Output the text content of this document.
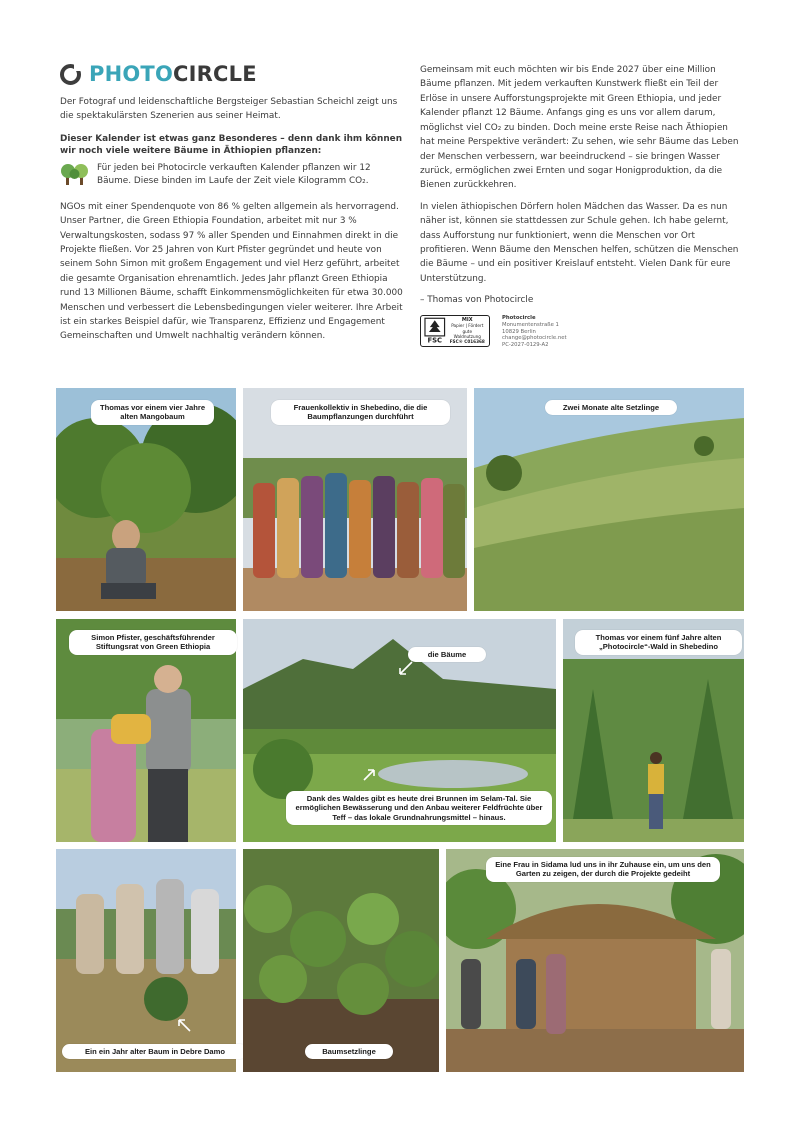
PHOTOCIRCLE

Der Fotograf und leidenschaftliche Bergsteiger Sebastian Scheichl zeigt uns die spektakulärsten Szenerien aus seiner Heimat.

Dieser Kalender ist etwas ganz Besonderes – denn dank ihm können wir noch viele weitere Bäume in Äthiopien pflanzen:

Für jeden bei Photocircle verkauften Kalender pflanzen wir 12 Bäume. Diese binden im Laufe der Zeit viele Kilogramm CO₂.

NGOs mit einer Spendenquote von 86 % gelten allgemein als hervorragend. Unser Partner, die Green Ethiopia Foundation, arbeitet mit nur 3 % Verwaltungskosten, sodass 97 % aller Spenden und Einnahmen direkt in die Projekte fließen. Vor 25 Jahren von Kurt Pfister gegründet und heute von seinem Sohn Simon mit großem Engagement und viel Herz geführt, arbeitet die gesamte Organisation ehrenamtlich. Jedes Jahr pflanzt Green Ethiopia rund 13 Millionen Bäume, schafft Einkommensmöglichkeiten für etwa 30.000 Menschen und verbessert die Lebensbedingungen vieler weiterer. Ihre Arbeit ist ein starkes Beispiel dafür, wie Transparenz, Effizienz und Engagement Gemeinschaften und Umwelt nachhaltig verändern können.

Gemeinsam mit euch möchten wir bis Ende 2027 über eine Million Bäume pflanzen. Mit jedem verkauften Kunstwerk fließt ein Teil der Erlöse in unsere Aufforstungsprojekte mit Green Ethiopia, und jeder Kalender pflanzt 12 Bäume. Anfangs ging es uns vor allem darum, möglichst viel CO₂ zu binden. Doch meine erste Reise nach Äthiopien hat meine Perspektive verändert: Zu sehen, wie sehr Bäume das Leben der Menschen verbessern, war beeindruckend – sie bringen Wasser zurück, ermöglichen zwei Ernten und sogar Honigproduktion, da die Bienen zurückkehren.

In vielen äthiopischen Dörfern holen Mädchen das Wasser. Da es nun näher ist, können sie stattdessen zur Schule gehen. Ich habe gelernt, dass Aufforstung nur funktioniert, wenn die Menschen vor Ort profitieren. Wenn Bäume den Menschen helfen, schützen die Menschen die Bäume – und ein positiver Kreislauf entsteht. Vielen Dank für eure Unterstützung.

– Thomas von Photocircle

FSC
MIX
Papier | Fördert
gute Waldnutzung
FSC® C016368
Photocircle
Monumentenstraße 1
10829 Berlin
change@photocircle.net
PC-2027-0129-A2
Thomas vor einem vier Jahre alten Mangobaum
Frauenkollektiv in Shebedino, die die Baumpflanzungen durchführt
Zwei Monate alte Setzlinge
Simon Pfister, geschäftsführender Stiftungsrat von Green Ethiopia
die Bäume
Dank des Waldes gibt es heute drei Brunnen im Selam-Tal. Sie ermöglichen Bewässerung und den Anbau weiterer Feldfrüchte über Teff – das lokale Grundnahrungsmittel – hinaus.
Thomas vor einem fünf Jahre alten „Photocircle“-Wald in Shebedino
Ein ein Jahr alter Baum in Debre Damo	Baumsetzlinge
Eine Frau in Sidama lud uns in ihr Zuhause ein, um uns den Garten zu zeigen, der durch die Projekte gedeiht
